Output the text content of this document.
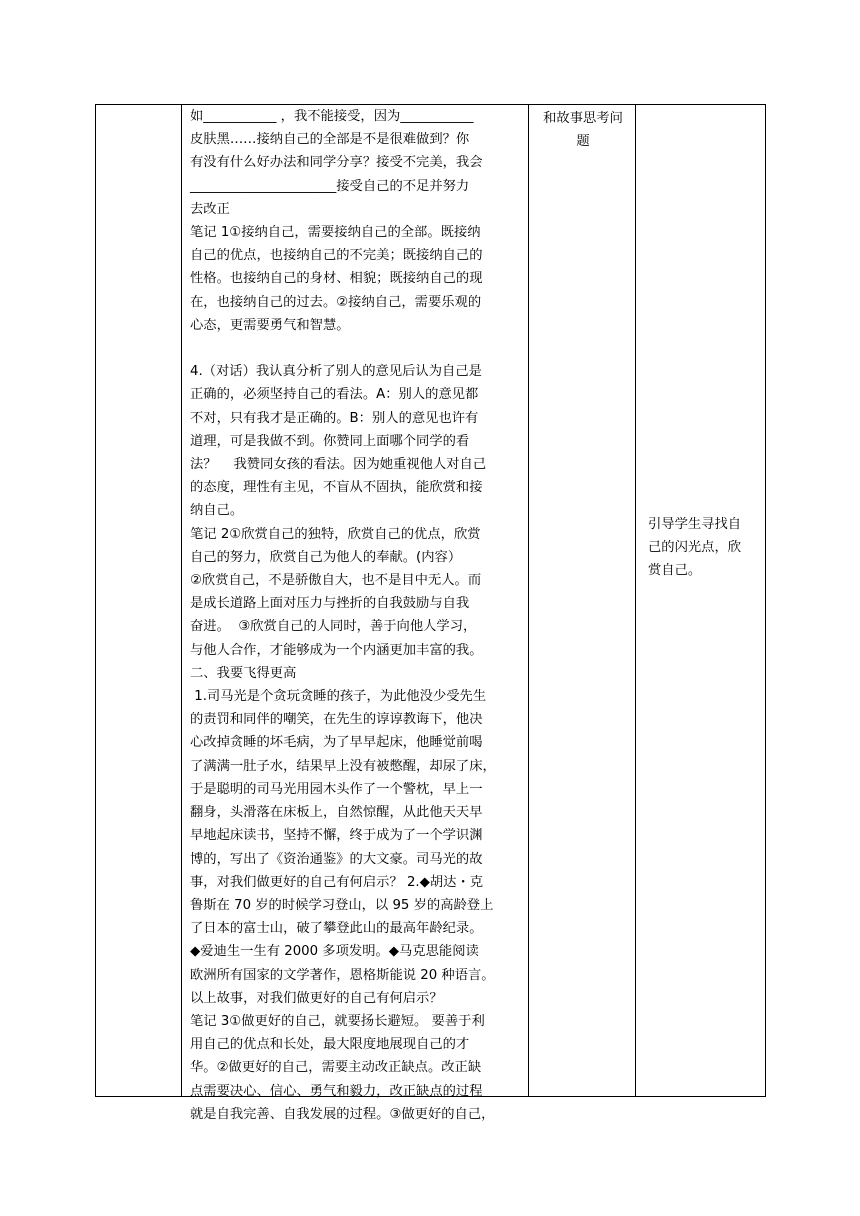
如___________ ，我不能接受，因为___________
皮肤黑……接纳自己的全部是不是很难做到？你
有没有什么好办法和同学分享？接受不完美，我会
______________________接受自己的不足并努力
去改正
笔记 1①接纳自己，需要接纳自己的全部。既接纳
自己的优点，也接纳自己的不完美；既接纳自己的
性格。也接纳自己的身材、相貌；既接纳自己的现
在，也接纳自己的过去。②接纳自己，需要乐观的
心态，更需要勇气和智慧。

4.（对话）我认真分析了别人的意见后认为自己是
正确的，必须坚持自己的看法。A：别人的意见都
不对，只有我才是正确的。B：别人的意见也许有
道理，可是我做不到。你赞同上面哪个同学的看
法？    我赞同女孩的看法。因为她重视他人对自己
的态度，理性有主见，不盲从不固执，能欣赏和接
纳自己。
笔记 2①欣赏自己的独特，欣赏自己的优点，欣赏
自己的努力，欣赏自己为他人的奉献。(内容）
②欣赏自己，不是骄傲自大，也不是目中无人。而
是成长道路上面对压力与挫折的自我鼓励与自我
奋进。  ③欣赏自己的人同时，善于向他人学习，
与他人合作，才能够成为一个内涵更加丰富的我。
二、我要飞得更高
1.司马光是个贪玩贪睡的孩子，为此他没少受先生
的责罚和同伴的嘲笑，在先生的谆谆教诲下，他决
心改掉贪睡的坏毛病，为了早早起床，他睡觉前喝
了满满一肚子水，结果早上没有被憋醒，却尿了床，
于是聪明的司马光用园木头作了一个警枕，早上一
翻身，头滑落在床板上，自然惊醒，从此他天天早
早地起床读书，坚持不懈，终于成为了一个学识渊
博的，写出了《资治通鉴》的大文豪。司马光的故
事，对我们做更好的自己有何启示？ 2.◆胡达・克
鲁斯在 70 岁的时候学习登山，以 95 岁的高龄登上
了日本的富士山，破了攀登此山的最高年龄纪录。
◆爱迪生一生有 2000 多项发明。◆马克思能阅读
欧洲所有国家的文学著作，恩格斯能说 20 种语言。
以上故事，对我们做更好的自己有何启示？
笔记 3①做更好的自己，就要扬长避短。 要善于利
用自己的优点和长处，最大限度地展现自己的才
华。②做更好的自己，需要主动改正缺点。改正缺
点需要决心、信心、勇气和毅力，改正缺点的过程
就是自我完善、自我发展的过程。③做更好的自己，
和故事思考问
题
引导学生寻找自
己的闪光点，欣
赏自己。
